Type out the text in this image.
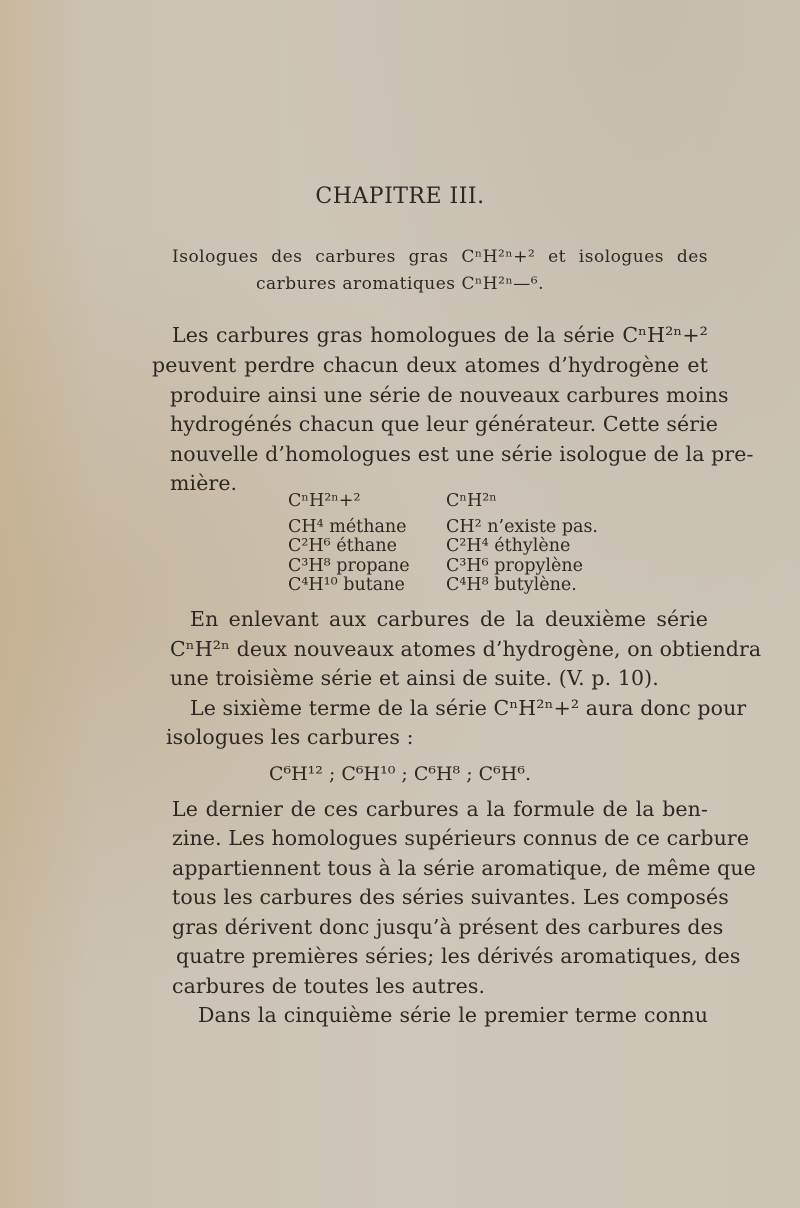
CHAPITRE III.
Isologues des carbures gras CⁿH²ⁿ+² et isologues des
carbures aromatiques CⁿH²ⁿ—⁶.
Les carbures gras homologues de la série CⁿH²ⁿ+²
peuvent perdre chacun deux atomes d’hydrogène et
produire ainsi une série de nouveaux carbures moins
hydrogénés chacun que leur générateur. Cette série
nouvelle d’homologues est une série isologue de la pre-
mière.
CⁿH²ⁿ+²	CⁿH²ⁿ
CH⁴ méthane
C²H⁶ éthane
C³H⁸ propane
C⁴H¹⁰ butane
CH² n’existe pas.
C²H⁴ éthylène
C³H⁶ propylène
C⁴H⁸ butylène.
En enlevant aux carbures de la deuxième série
CⁿH²ⁿ deux nouveaux atomes d’hydrogène, on obtiendra
une troisième série et ainsi de suite. (V. p. 10).
Le sixième terme de la série CⁿH²ⁿ+² aura donc pour
isologues les carbures :
C⁶H¹² ; C⁶H¹⁰ ; C⁶H⁸ ; C⁶H⁶.
Le dernier de ces carbures a la formule de la ben-
zine. Les homologues supérieurs connus de ce carbure
appartiennent tous à la série aromatique, de même que
tous les carbures des séries suivantes. Les composés
gras dérivent donc jusqu’à présent des carbures des
quatre premières séries; les dérivés aromatiques, des
carbures de toutes les autres.
Dans la cinquième série le premier terme connu
